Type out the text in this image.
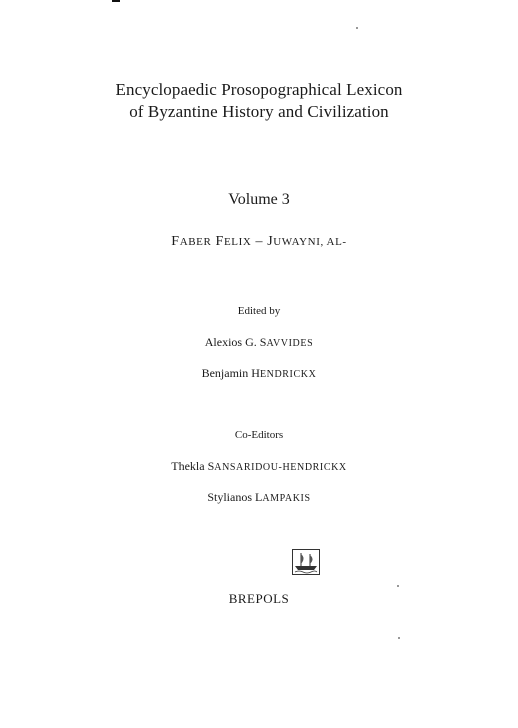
Encyclopaedic Prosopographical Lexicon
of Byzantine History and Civilization
Volume 3
FABER FELIX – JUWAYNI, AL-
Edited by
Alexios G. SAVVIDES
Benjamin HENDRICKX
Co-Editors
Thekla SANSARIDOU-HENDRICKX
Stylianos LAMPAKIS
BREPOLS
